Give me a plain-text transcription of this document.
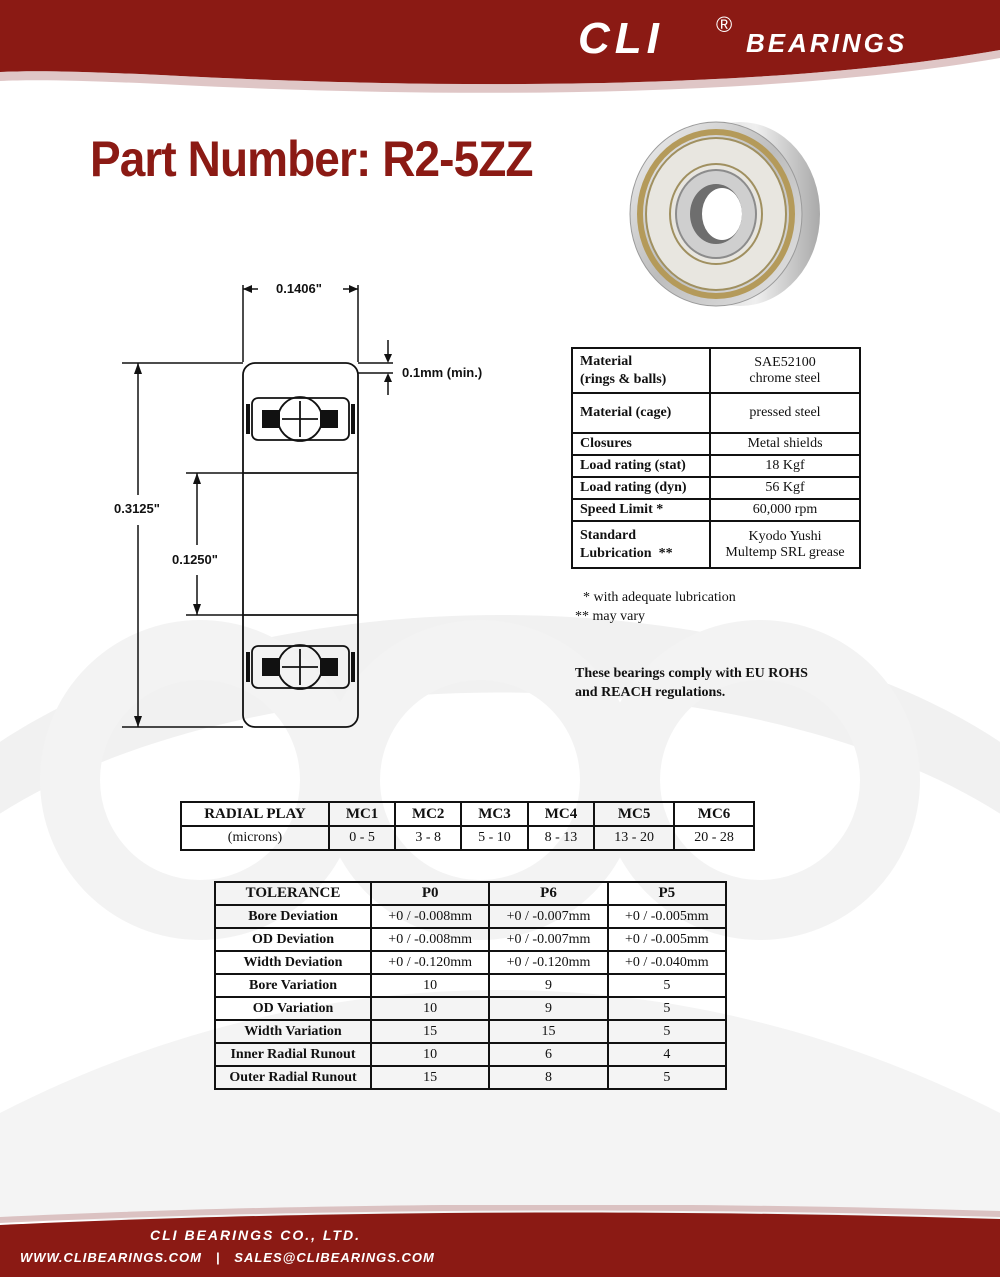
CLI ®
BEARINGS
Part Number: R2-5ZZ
0.1406"
0.1mm (min.)
0.3125"
0.1250"
Material
(rings & balls)	SAE52100
chrome steel
Material (cage)	pressed steel
Closures	Metal shields
Load rating (stat)	18 Kgf
Load rating (dyn)	56 Kgf
Speed Limit *	60,000 rpm
Standard
Lubrication  **	Kyodo Yushi
Multemp SRL grease
* with adequate lubrication
** may vary
These bearings comply with EU ROHS
and REACH regulations.
RADIAL PLAY	MC1	MC2	MC3	MC4	MC5	MC6
(microns)	0 - 5	3 - 8	5 - 10	8 - 13	13 - 20	20 - 28
TOLERANCE	P0	P6	P5
Bore Deviation	+0 / -0.008mm	+0 / -0.007mm	+0 / -0.005mm
OD Deviation	+0 / -0.008mm	+0 / -0.007mm	+0 / -0.005mm
Width Deviation	+0 / -0.120mm	+0 / -0.120mm	+0 / -0.040mm
Bore Variation	10	9	5
OD Variation	10	9	5
Width Variation	15	15	5
Inner Radial Runout	10	6	4
Outer Radial Runout	15	8	5
CLI BEARINGS CO., LTD.
WWW.CLIBEARINGS.COM | SALES@CLIBEARINGS.COM
